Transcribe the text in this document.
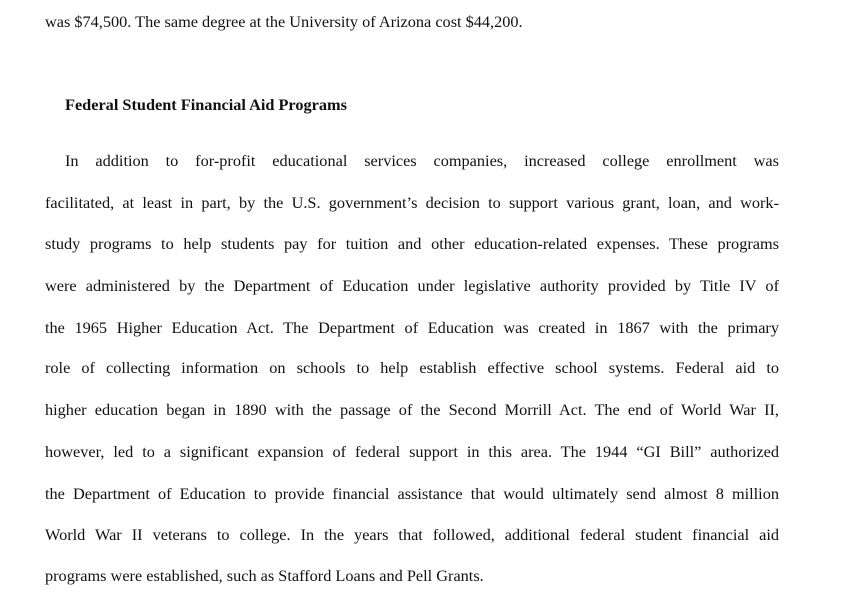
was $74,500. The same degree at the University of Arizona cost $44,200.
Federal Student Financial Aid Programs
In addition to for-profit educational services companies, increased college enrollment was
facilitated, at least in part, by the U.S. government’s decision to support various grant, loan, and work-
study programs to help students pay for tuition and other education-related expenses. These programs
were administered by the Department of Education under legislative authority provided by Title IV of
the 1965 Higher Education Act. The Department of Education was created in 1867 with the primary
role of collecting information on schools to help establish effective school systems. Federal aid to
higher education began in 1890 with the passage of the Second Morrill Act. The end of World War II,
however, led to a significant expansion of federal support in this area. The 1944 “GI Bill” authorized
the Department of Education to provide financial assistance that would ultimately send almost 8 million
World War II veterans to college. In the years that followed, additional federal student financial aid
programs were established, such as Stafford Loans and Pell Grants.
